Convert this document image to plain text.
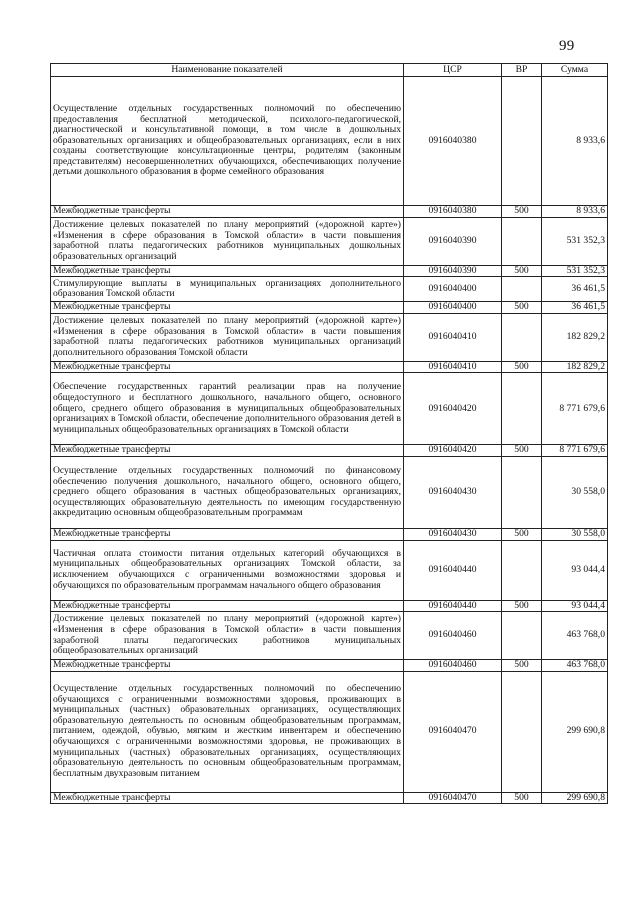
99
Наименование показателей	ЦСР	ВР	Сумма
Осуществление отдельных государственных полномочий по обеспечению предоставления бесплатной методической, психолого-педагогической, диагностической и консультативной помощи, в том числе в дошкольных образовательных организациях и общеобразовательных организациях, если в них созданы соответствующие консультационные центры, родителям (законным представителям) несовершеннолетних обучающихся, обеспечивающих получение детьми дошкольного образования в форме семейного образования	0916040380		8 933,6
Межбюджетные трансферты	0916040380	500	8 933,6
Достижение целевых показателей по плану мероприятий («дорожной карте») «Изменения в сфере образования в Томской области» в части повышения заработной платы педагогических работников муниципальных дошкольных образовательных организаций	0916040390		531 352,3
Межбюджетные трансферты	0916040390	500	531 352,3
Стимулирующие выплаты в муниципальных организациях дополнительного образования Томской области	0916040400		36 461,5
Межбюджетные трансферты	0916040400	500	36 461,5
Достижение целевых показателей по плану мероприятий («дорожной карте») «Изменения в сфере образования в Томской области» в части повышения заработной платы педагогических работников муниципальных организаций дополнительного образования Томской области	0916040410		182 829,2
Межбюджетные трансферты	0916040410	500	182 829,2
Обеспечение государственных гарантий реализации прав на получение общедоступного и бесплатного дошкольного, начального общего, основного общего, среднего общего образования в муниципальных общеобразовательных организациях в Томской области, обеспечение дополнительного образования детей в муниципальных общеобразовательных организациях в Томской области	0916040420		8 771 679,6
Межбюджетные трансферты	0916040420	500	8 771 679,6
Осуществление отдельных государственных полномочий по финансовому обеспечению получения дошкольного, начального общего, основного общего, среднего общего образования в частных общеобразовательных организациях, осуществляющих образовательную деятельность по имеющим государственную аккредитацию основным общеобразовательным программам	0916040430		30 558,0
Межбюджетные трансферты	0916040430	500	30 558,0
Частичная оплата стоимости питания отдельных категорий обучающихся в муниципальных общеобразовательных организациях Томской области, за исключением обучающихся с ограниченными возможностями здоровья и обучающихся по образовательным программам начального общего образования	0916040440		93 044,4
Межбюджетные трансферты	0916040440	500	93 044,4
Достижение целевых показателей по плану мероприятий («дорожной карте») «Изменения в сфере образования в Томской области» в части повышения заработной платы педагогических работников муниципальных общеобразовательных организаций	0916040460		463 768,0
Межбюджетные трансферты	0916040460	500	463 768,0
Осуществление отдельных государственных полномочий по обеспечению обучающихся с ограниченными возможностями здоровья, проживающих в муниципальных (частных) образовательных организациях, осуществляющих образовательную деятельность по основным общеобразовательным программам, питанием, одеждой, обувью, мягким и жестким инвентарем и обеспечению обучающихся с ограниченными возможностями здоровья, не проживающих в муниципальных (частных) образовательных организациях, осуществляющих образовательную деятельность по основным общеобразовательным программам, бесплатным двухразовым питанием	0916040470		299 690,8
Межбюджетные трансферты	0916040470	500	299 690,8
